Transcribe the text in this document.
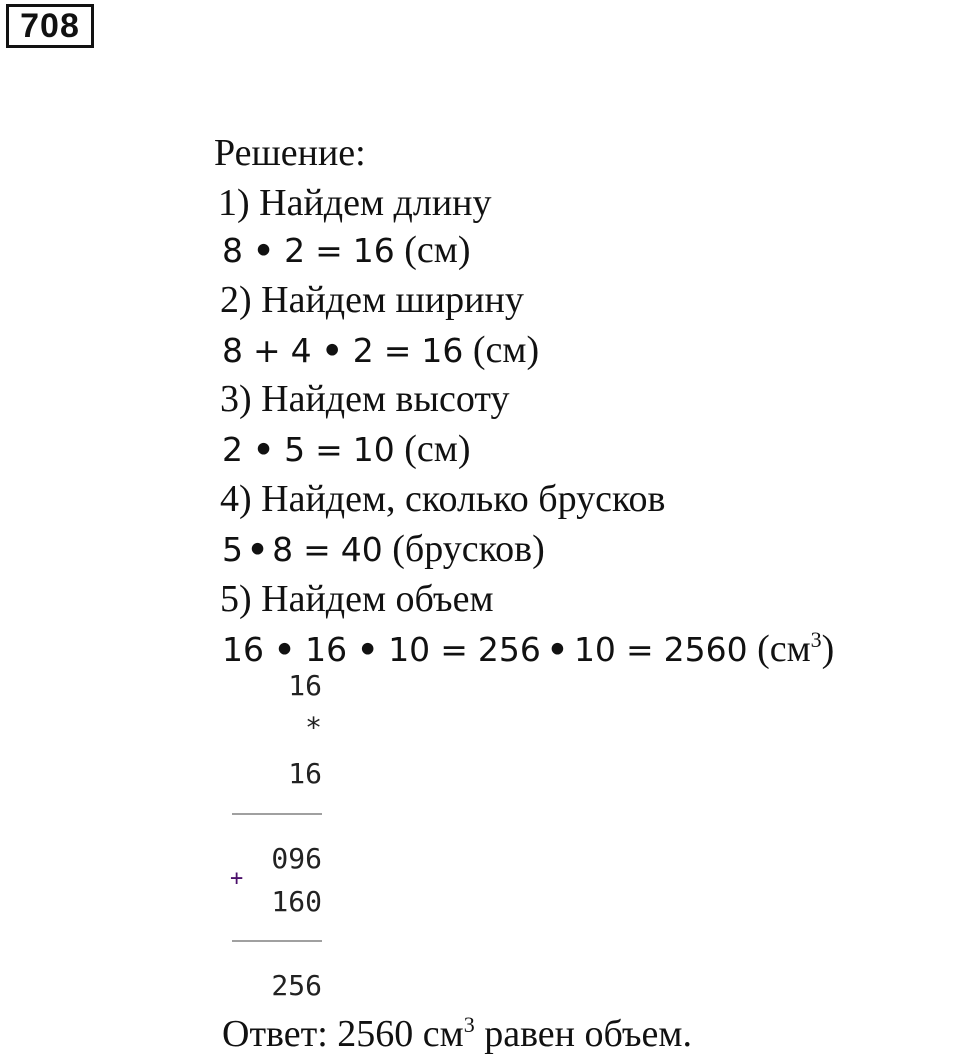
708
Решение:
1) Найдем длину
8 • 2 = 16 (см)
2) Найдем ширину
8 + 4 • 2 = 16 (см)
3) Найдем высоту
2 • 5 = 10 (см)
4) Найдем, сколько брусков
5 • 8 = 40 (брусков)
5) Найдем объем
16 • 16 • 10 = 256 • 10 = 2560 $(см^3)$
16
*
16
096
+
160
256
Ответ: 2560 $см^3$ равен объем.
